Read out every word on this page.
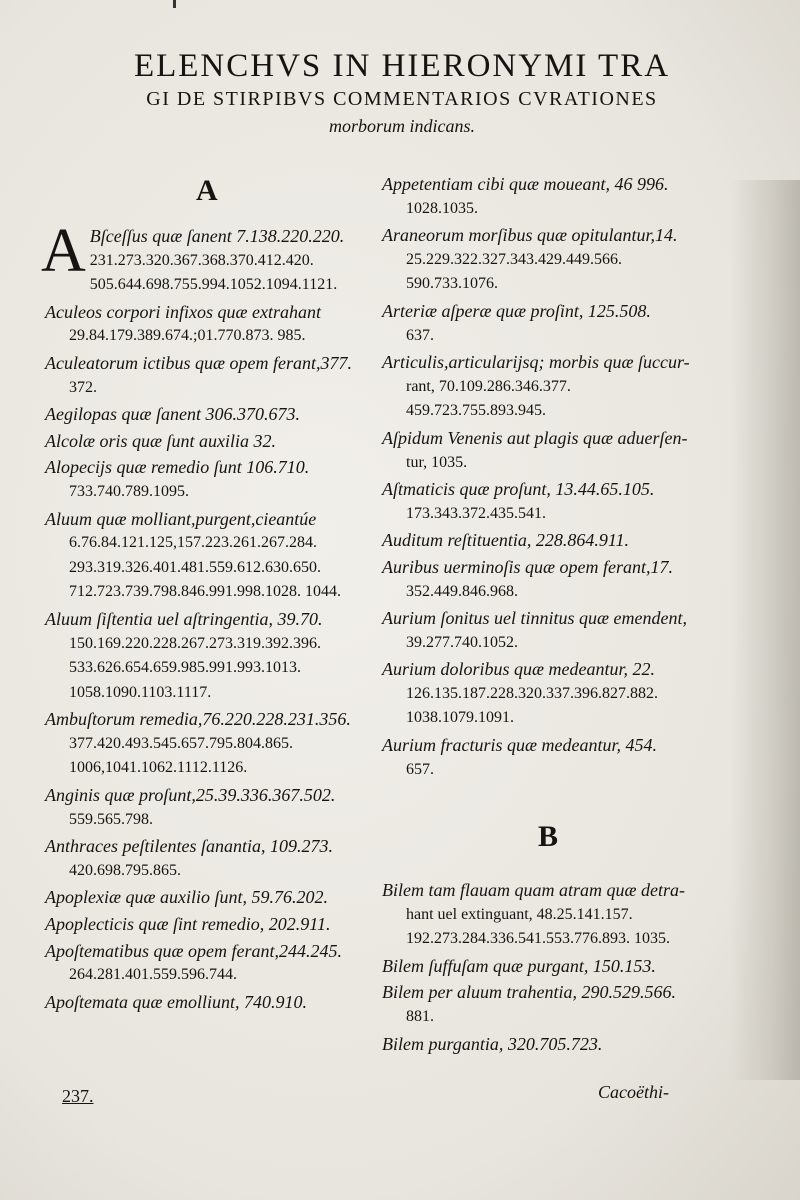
ELENCHVS IN HIERONYMI TRA
GI DE STIRPIBVS COMMENTARIOS CVRATIONES
morborum indicans.
A
B
A Bſceſſus quæ ſanent 7.138.220.220.
231.273.320.367.368.370.412.420. 505.644.698.755.994.1052.1094.1121.
Aculeos corpori infixos quæ extrahant
29.84.179.389.674.;01.770.873. 985.
Aculeatorum ictibus quæ opem ferant,377.
372.
Aegilopas quæ ſanent 306.370.673.
Alcolæ oris quæ ſunt auxilia 32.
Alopecijs quæ remedio ſunt 106.710.
733.740.789.1095.
Aluum quæ molliant,purgent,cieantúe
6.76.84.121.125,157.223.261.267.284. 293.319.326.401.481.559.612.630.650. 712.723.739.798.846.991.998.1028. 1044.
Aluum ſiſtentia uel aſtringentia, 39.70.
150.169.220.228.267.273.319.392.396. 533.626.654.659.985.991.993.1013. 1058.1090.1103.1117.
Ambuſtorum remedia,76.220.228.231.356.
377.420.493.545.657.795.804.865. 1006,1041.1062.1112.1126.
Anginis quæ proſunt,25.39.336.367.502.
559.565.798.
Anthraces peſtilentes ſanantia, 109.273.
420.698.795.865.
Apoplexiæ quæ auxilio ſunt, 59.76.202.
Apoplecticis quæ ſint remedio, 202.911.
Apoſtematibus quæ opem ferant,244.245.
264.281.401.559.596.744.
Apoſtemata quæ emolliunt, 740.910.
Appetentiam cibi quæ moueant, 46 996.
1028.1035.
Araneorum morſibus quæ opitulantur,14.
25.229.322.327.343.429.449.566. 590.733.1076.
Arteriæ aſperæ quæ proſint, 125.508.
637.
Articulis,articularijsq; morbis quæ ſuccur-
rant, 70.109.286.346.377. 459.723.755.893.945.
Aſpidum Venenis aut plagis quæ aduerſen-
tur, 1035.
Aſtmaticis quæ proſunt, 13.44.65.105.
173.343.372.435.541.
Auditum reſtituentia, 228.864.911.
Auribus uerminoſis quæ opem ferant,17.
352.449.846.968.
Aurium ſonitus uel tinnitus quæ emendent,
39.277.740.1052.
Aurium doloribus quæ medeantur, 22.
126.135.187.228.320.337.396.827.882. 1038.1079.1091.
Aurium fracturis quæ medeantur, 454.
657.
Bilem tam flauam quam atram quæ detra-
hant uel extinguant, 48.25.141.157. 192.273.284.336.541.553.776.893. 1035.
Bilem ſuffuſam quæ purgant, 150.153.
Bilem per aluum trahentia, 290.529.566.
881.
Bilem purgantia, 320.705.723.
237.	Cacoëthi-
